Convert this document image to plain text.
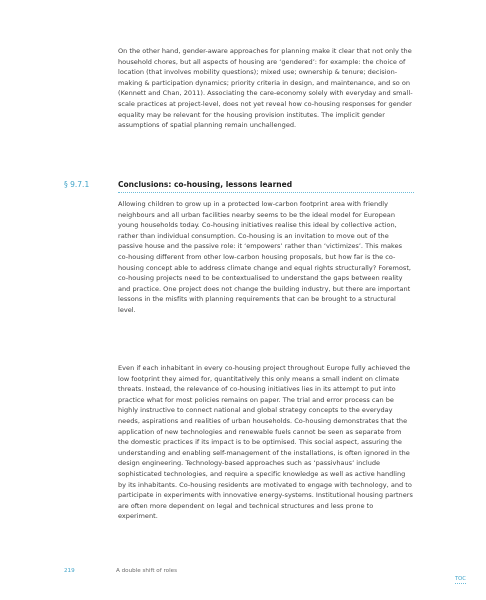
On the other hand, gender-aware approaches for planning make it clear that not only the household chores, but all aspects of housing are ‘gendered’: for example: the choice of location (that involves mobility questions); mixed use; ownership & tenure; decision-making & participation dynamics; priority criteria in design, and maintenance, and so on (Kennett and Chan, 2011). Associating the care-economy solely with everyday and small-scale practices at project-level, does not yet reveal how co-housing responses for gender equality may be relevant for the housing provision institutes. The implicit gender assumptions of spatial planning remain unchallenged.

§ 9.7.1	Conclusions: co-housing, lessons learned

Allowing children to grow up in a protected low-carbon footprint area with friendly neighbours and all urban facilities nearby seems to be the ideal model for European young households today. Co-housing initiatives realise this ideal by collective action, rather than individual consumption. Co-housing is an invitation to move out of the passive house and the passive role: it ‘empowers’ rather than ‘victimizes’. This makes co-housing different from other low-carbon housing proposals, but how far is the co-housing concept able to address climate change and equal rights structurally? Foremost, co-housing projects need to be contextualised to understand the gaps between reality and practice. One project does not change the building industry, but there are important lessons in the misfits with planning requirements that can be brought to a structural level.

Even if each inhabitant in every co-housing project throughout Europe fully achieved the low footprint they aimed for, quantitatively this only means a small indent on climate threats. Instead, the relevance of co-housing initiatives lies in its attempt to put into practice what for most policies remains on paper. The trial and error process can be highly instructive to connect national and global strategy concepts to the everyday needs, aspirations and realities of urban households. Co-housing demonstrates that the application of new technologies and renewable fuels cannot be seen as separate from the domestic practices if its impact is to be optimised. This social aspect, assuring the understanding and enabling self-management of the installations, is often ignored in the design engineering. Technology-based approaches such as ‘passivhaus’ include sophisticated technologies, and require a specific knowledge as well as active handling by its inhabitants. Co-housing residents are motivated to engage with technology, and to participate in experiments with innovative energy-systems. Institutional housing partners are often more dependent on legal and technical structures and less prone to experiment.

219	A double shift of roles
TOC
